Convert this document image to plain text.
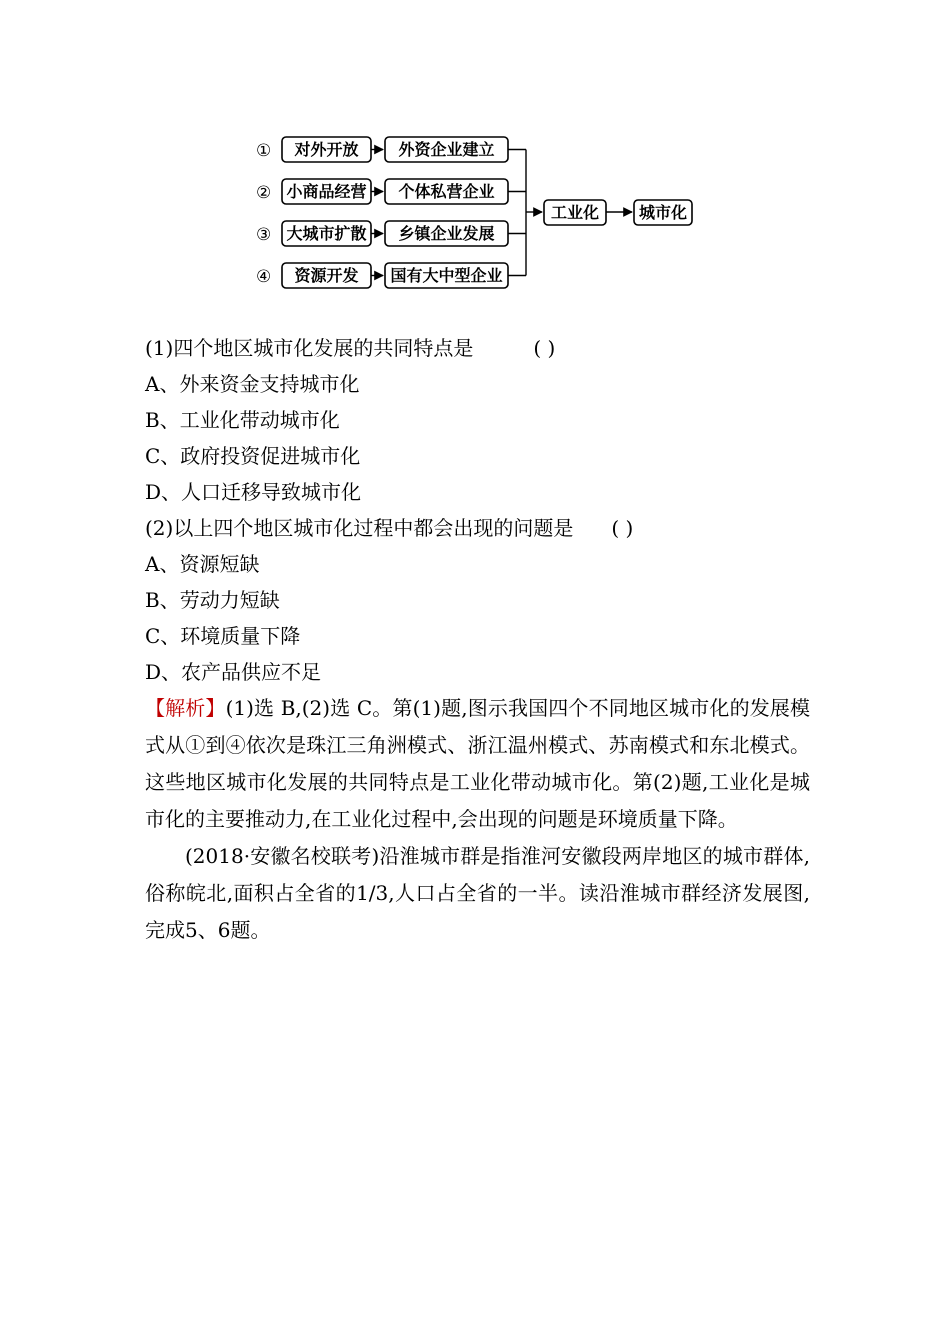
① 对外开放 外资企业建立
② 小商品经营 个体私营企业
③ 大城市扩散 乡镇企业发展
④ 资源开发 国有大中型企业
工业化 城市化
(1)四个地区城市化发展的共同特点是	( )
A、外来资金支持城市化
B、工业化带动城市化
C、政府投资促进城市化
D、人口迁移导致城市化
(2)以上四个地区城市化过程中都会出现的问题是 ( )
A、资源短缺
B、劳动力短缺
C、环境质量下降
D、农产品供应不足
【解析】(1)选 B,(2)选 C。第(1)题,图示我国四个不同地区城市化的发展模式从①到④依次是珠江三角洲模式、浙江温州模式、苏南模式和东北模式。这些地区城市化发展的共同特点是工业化带动城市化。第(2)题,工业化是城市化的主要推动力,在工业化过程中,会出现的问题是环境质量下降。
(2018·安徽名校联考)沿淮城市群是指淮河安徽段两岸地区的城市群体,俗称皖北,面积占全省的1/3,人口占全省的一半。读沿淮城市群经济发展图,完成5、6题。
